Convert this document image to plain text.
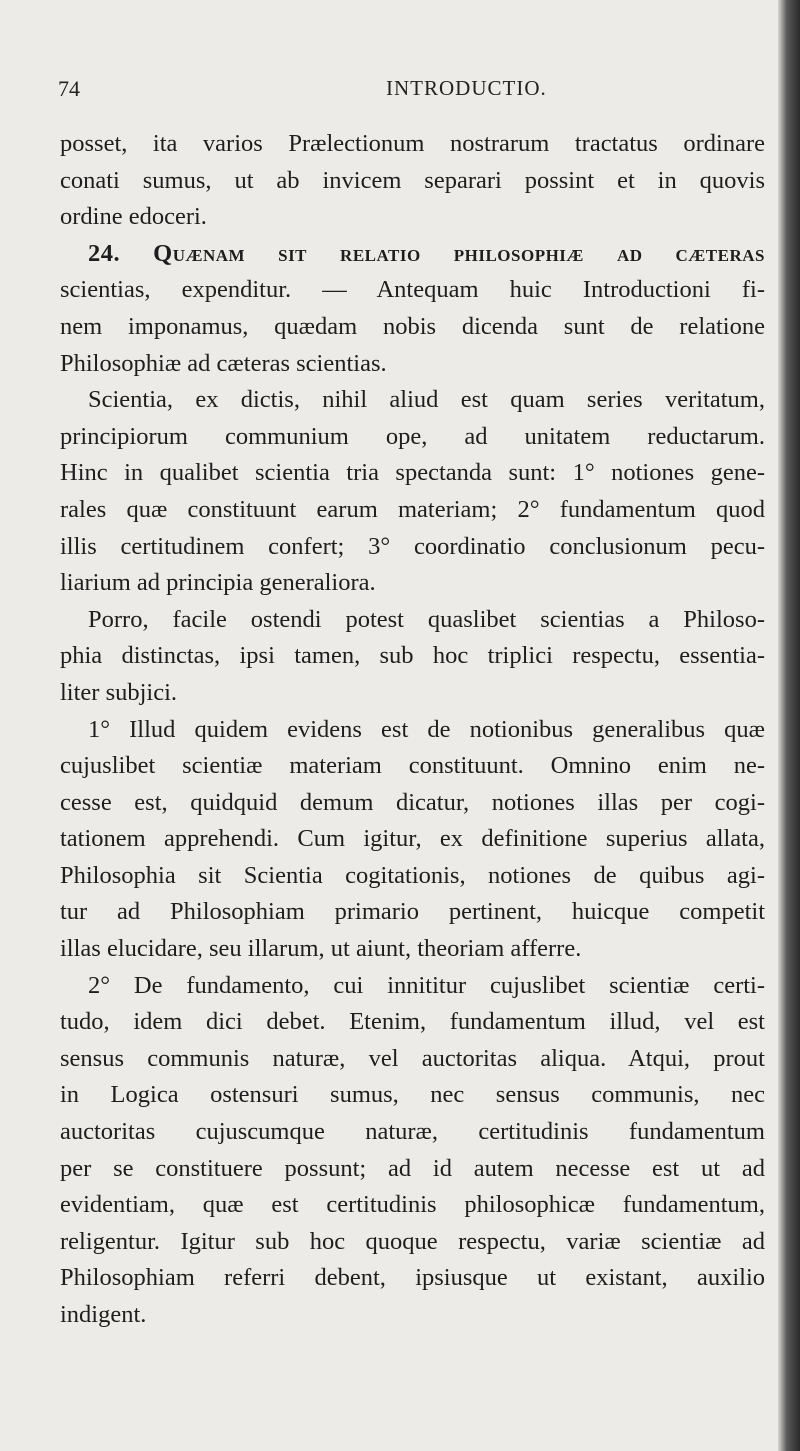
74	INTRODUCTIO.
posset, ita varios Prælectionum nostrarum tractatus ordinare
conati sumus, ut ab invicem separari possint et in quovis
ordine edoceri.
24. Quænam sit relatio philosophiæ ad cæteras
scientias, expenditur. — Antequam huic Introductioni fi-
nem imponamus, quædam nobis dicenda sunt de relatione
Philosophiæ ad cæteras scientias.
Scientia, ex dictis, nihil aliud est quam series veritatum,
principiorum communium ope, ad unitatem reductarum.
Hinc in qualibet scientia tria spectanda sunt: 1° notiones gene-
rales quæ constituunt earum materiam; 2° fundamentum quod
illis certitudinem confert; 3° coordinatio conclusionum pecu-
liarium ad principia generaliora.
Porro, facile ostendi potest quaslibet scientias a Philoso-
phia distinctas, ipsi tamen, sub hoc triplici respectu, essentia-
liter subjici.
1° Illud quidem evidens est de notionibus generalibus quæ
cujuslibet scientiæ materiam constituunt. Omnino enim ne-
cesse est, quidquid demum dicatur, notiones illas per cogi-
tationem apprehendi. Cum igitur, ex definitione superius allata,
Philosophia sit Scientia cogitationis, notiones de quibus agi-
tur ad Philosophiam primario pertinent, huicque competit
illas elucidare, seu illarum, ut aiunt, theoriam afferre.
2° De fundamento, cui innititur cujuslibet scientiæ certi-
tudo, idem dici debet. Etenim, fundamentum illud, vel est
sensus communis naturæ, vel auctoritas aliqua. Atqui, prout
in Logica ostensuri sumus, nec sensus communis, nec
auctoritas cujuscumque naturæ, certitudinis fundamentum
per se constituere possunt; ad id autem necesse est ut ad
evidentiam, quæ est certitudinis philosophicæ fundamentum,
religentur. Igitur sub hoc quoque respectu, variæ scientiæ ad
Philosophiam referri debent, ipsiusque ut existant, auxilio
indigent.
